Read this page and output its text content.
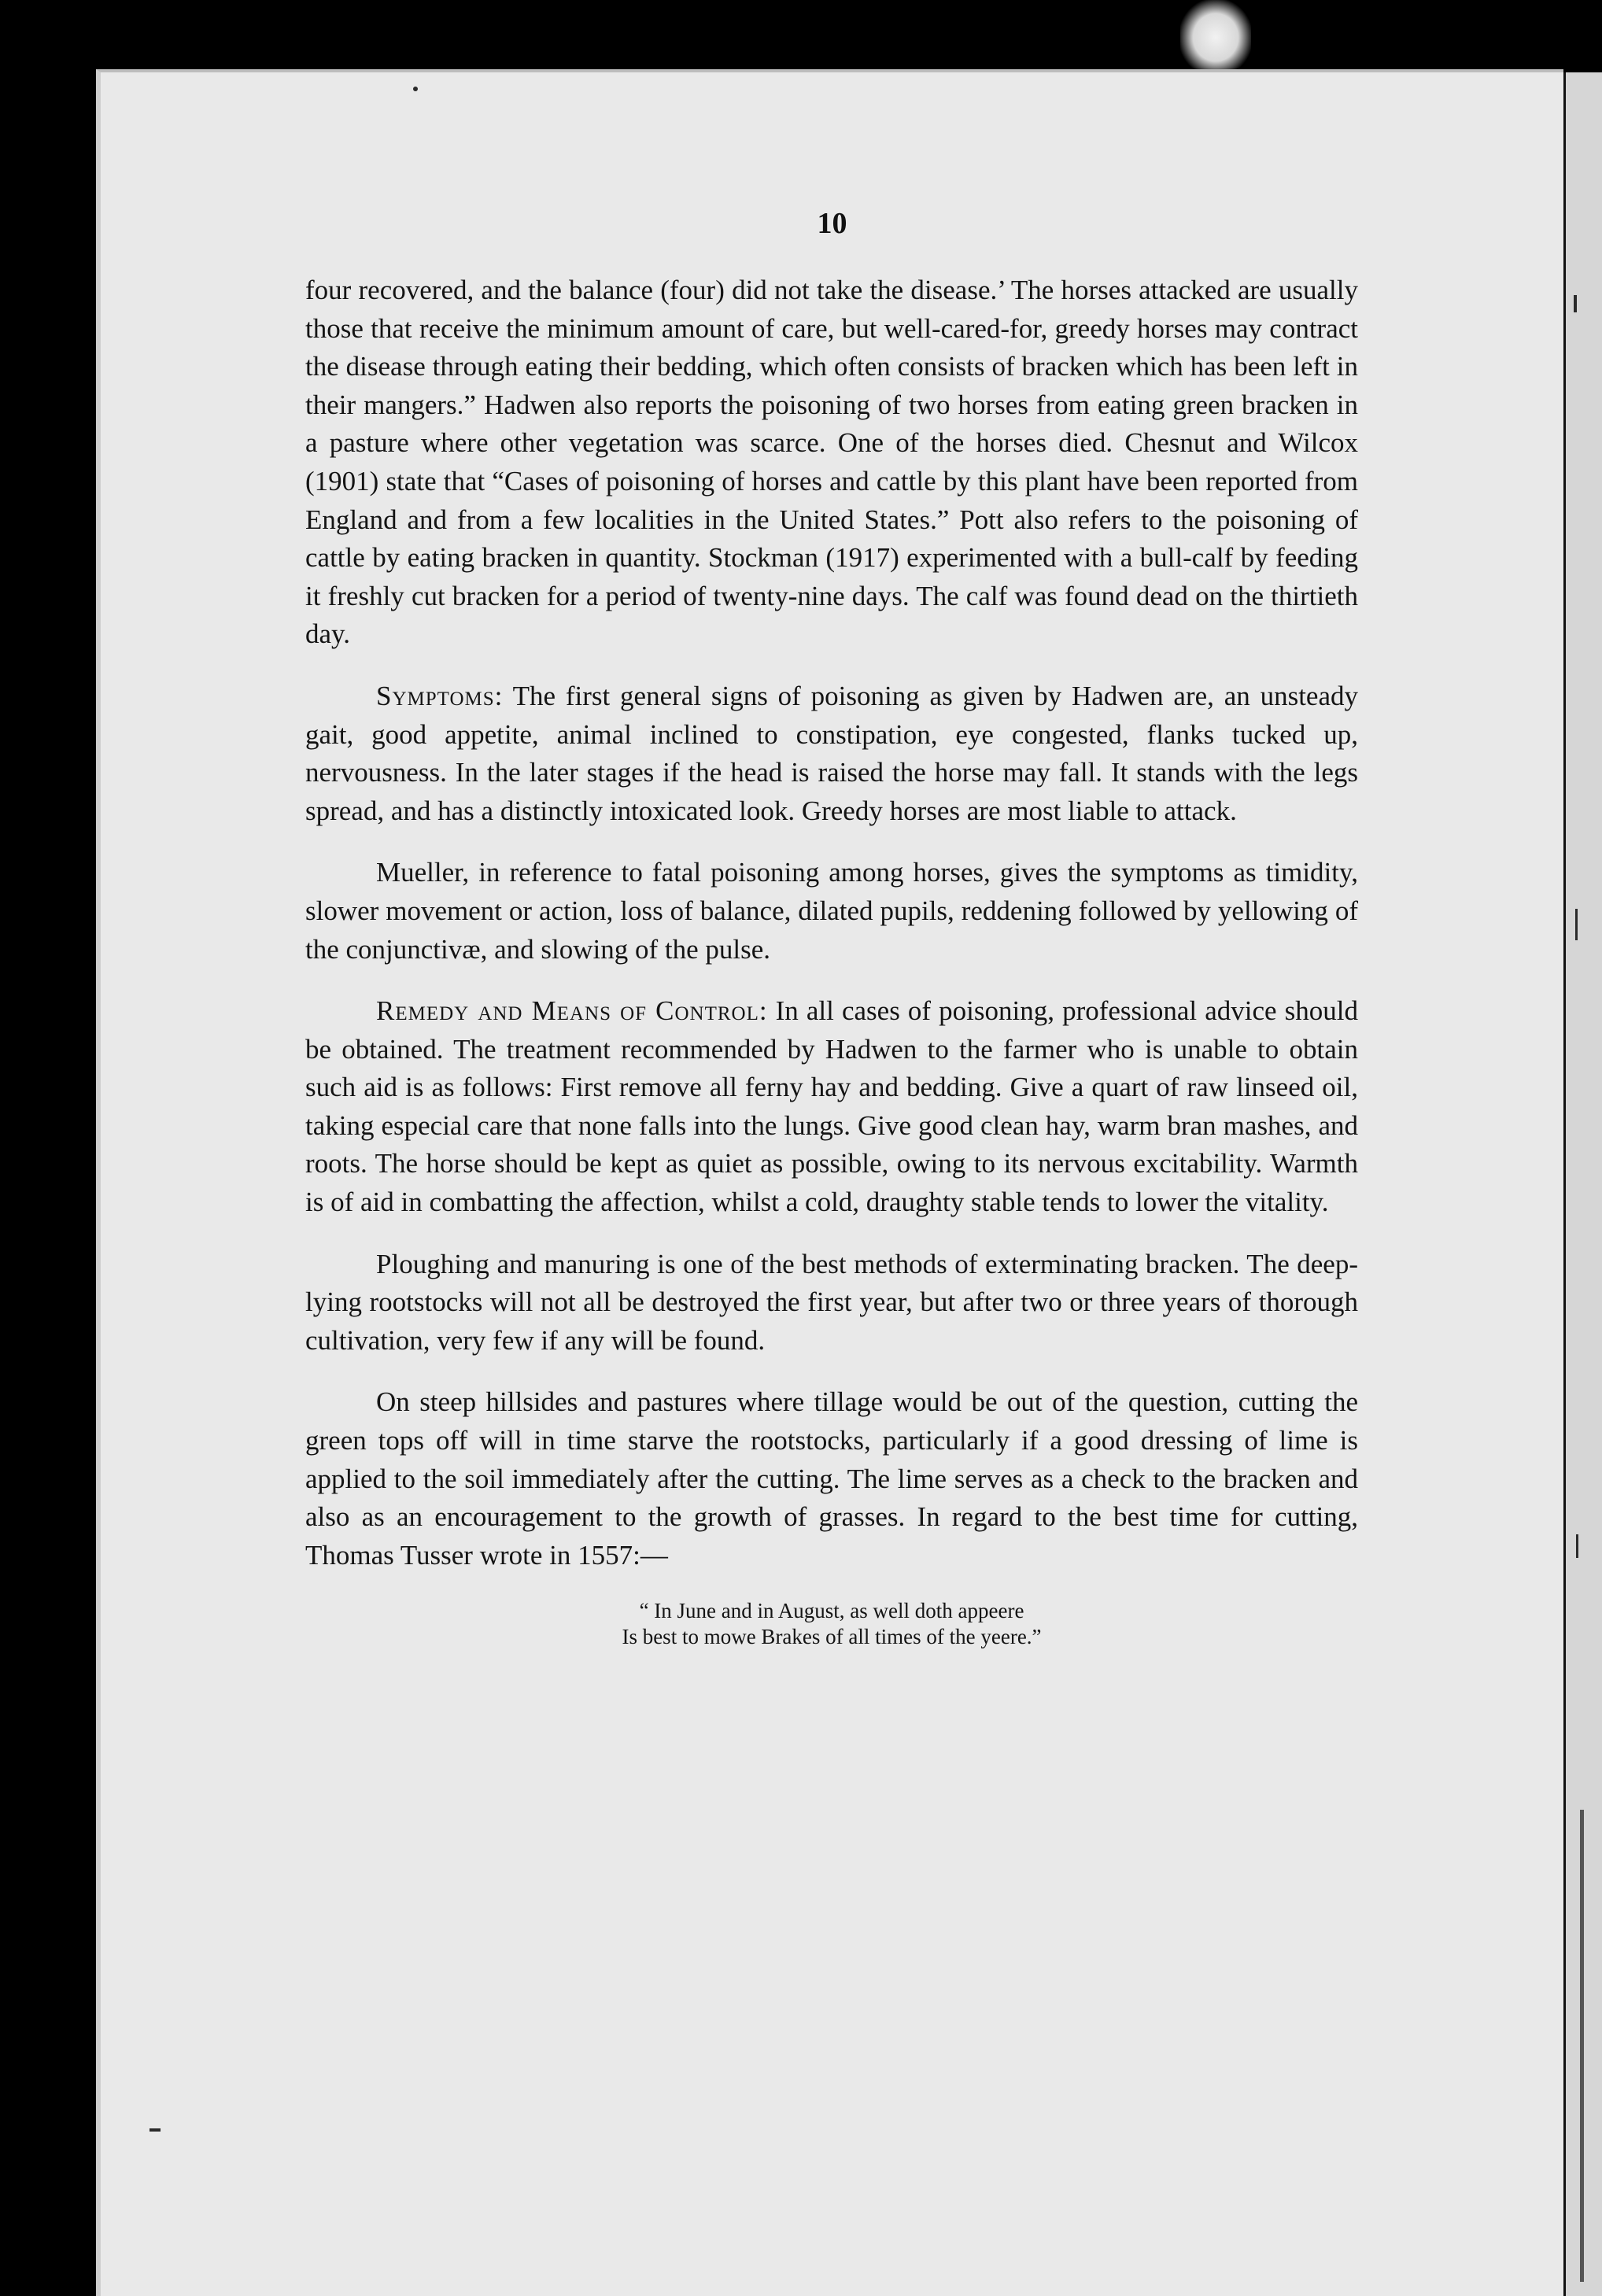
10

four recovered, and the balance (four) did not take the disease.’ The horses attacked are usually those that receive the minimum amount of care, but well-cared-for, greedy horses may contract the disease through eating their bedding, which often consists of bracken which has been left in their mangers.” Hadwen also reports the poisoning of two horses from eating green bracken in a pasture where other vegetation was scarce. One of the horses died. Chesnut and Wilcox (1901) state that “Cases of poisoning of horses and cattle by this plant have been reported from England and from a few localities in the United States.” Pott also refers to the poisoning of cattle by eating bracken in quantity. Stockman (1917) experimented with a bull-calf by feeding it freshly cut bracken for a period of twenty-nine days. The calf was found dead on the thirtieth day.

Symptoms: The first general signs of poisoning as given by Hadwen are, an unsteady gait, good appetite, animal inclined to constipation, eye congested, flanks tucked up, nervousness. In the later stages if the head is raised the horse may fall. It stands with the legs spread, and has a distinctly intoxicated look. Greedy horses are most liable to attack.

Mueller, in reference to fatal poisoning among horses, gives the symptoms as timidity, slower movement or action, loss of balance, dilated pupils, reddening followed by yellowing of the conjunctivæ, and slowing of the pulse.

Remedy and Means of Control: In all cases of poisoning, professional advice should be obtained. The treatment recommended by Hadwen to the farmer who is unable to obtain such aid is as follows: First remove all ferny hay and bedding. Give a quart of raw linseed oil, taking especial care that none falls into the lungs. Give good clean hay, warm bran mashes, and roots. The horse should be kept as quiet as possible, owing to its nervous excitability. Warmth is of aid in combatting the affection, whilst a cold, draughty stable tends to lower the vitality.

Ploughing and manuring is one of the best methods of exterminating bracken. The deep-lying rootstocks will not all be destroyed the first year, but after two or three years of thorough cultivation, very few if any will be found.

On steep hillsides and pastures where tillage would be out of the question, cutting the green tops off will in time starve the rootstocks, particularly if a good dressing of lime is applied to the soil immediately after the cutting. The lime serves as a check to the bracken and also as an encouragement to the growth of grasses. In regard to the best time for cutting, Thomas Tusser wrote in 1557:—

“ In June and in August, as well doth appeere
Is best to mowe Brakes of all times of the yeere.”
